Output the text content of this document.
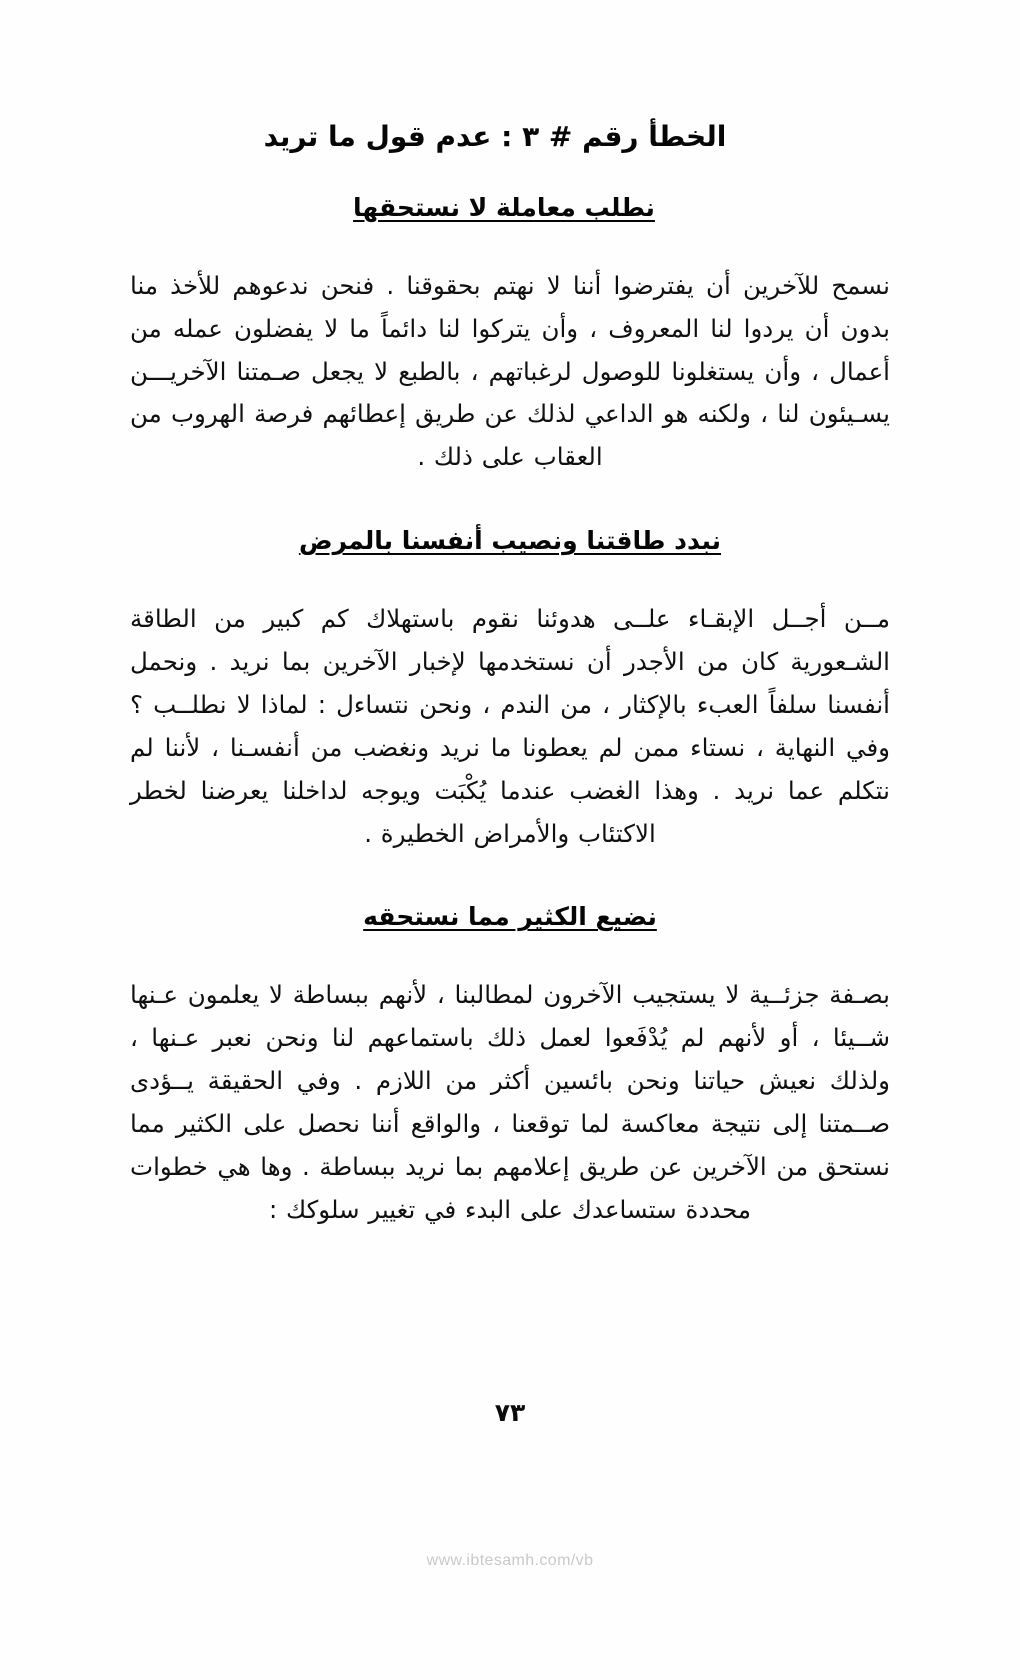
الخطأ رقم # ٣ : عدم قول ما تريد
نطلب معاملة لا نستحقها

نسمح للآخرين أن يفترضوا أننا لا نهتم بحقوقنا . فنحن ندعوهم للأخذ منا بدون أن يردوا لنا المعروف ، وأن يتركوا لنا دائماً ما لا يفضلون عمله من أعمال ، وأن يستغلونا للوصول لرغباتهم ، بالطبع لا يجعل صـمتنا الآخريـــن يسـيئون لنا ، ولكنه هو الداعي لذلك عن طريق إعطائهم فرصة الهروب من العقاب على ذلك .

نبدد طاقتنا ونصيب أنفسنا بالمرض

مــن أجــل الإبقـاء علــى هدوئنا نقوم باستهلاك كم كبير من الطاقة الشـعورية كان من الأجدر أن نستخدمها لإخبار الآخرين بما نريد . ونحمل أنفسنا سلفاً العبء بالإكثار ، من الندم ، ونحن نتساءل : لماذا لا نطلــب ؟ وفي النهاية ، نستاء ممن لم يعطونا ما نريد ونغضب من أنفسـنا ، لأننا لم نتكلم عما نريد . وهذا الغضب عندما يُكْبَت ويوجه لداخلنا يعرضنا لخطر الاكتئاب والأمراض الخطيرة .

نضيع الكثير مما نستحقه

بصـفة جزئــية لا يستجيب الآخرون لمطالبنا ، لأنهم ببساطة لا يعلمون عـنها شــيئا ، أو لأنهم لم يُدْفَعوا لعمل ذلك باستماعهم لنا ونحن نعبر عـنها ، ولذلك نعيش حياتنا ونحن بائسين أكثر من اللازم . وفي الحقيقة يــؤدى صــمتنا إلى نتيجة معاكسة لما توقعنا ، والواقع أننا نحصل على الكثير مما نستحق من الآخرين عن طريق إعلامهم بما نريد ببساطة . وها هي خطوات محددة ستساعدك على البدء في تغيير سلوكك :

٧٣
www.ibtesamh.com/vb
